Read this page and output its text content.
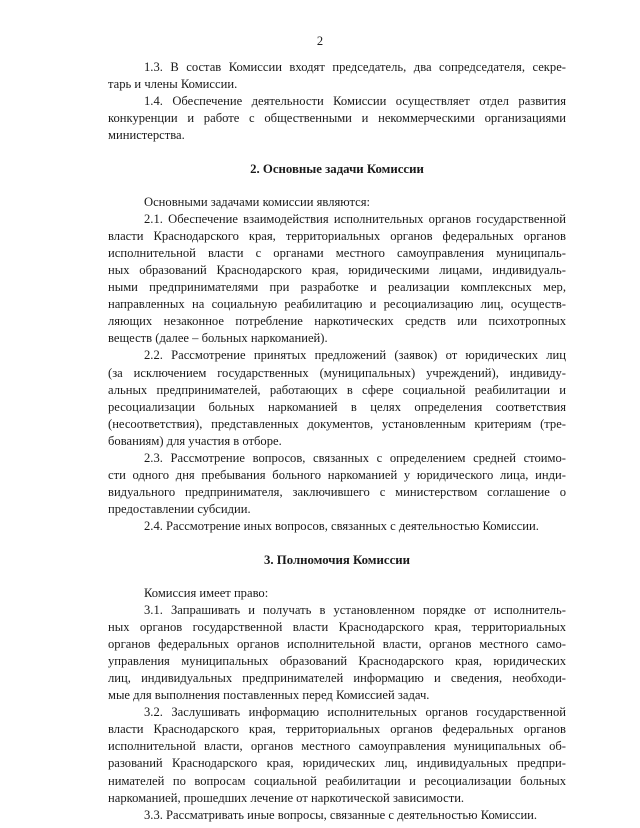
2
1.3. В состав Комиссии входят председатель, два сопредседателя, секре-
тарь и члены Комиссии.
1.4. Обеспечение деятельности Комиссии осуществляет отдел развития
конкуренции и работе с общественными и некоммерческими организациями
министерства.
2. Основные задачи Комиссии
Основными задачами комиссии являются:
2.1. Обеспечение взаимодействия исполнительных органов государственной
власти Краснодарского края, территориальных органов федеральных органов
исполнительной власти с органами местного самоуправления муниципаль-
ных образований Краснодарского края, юридическими лицами, индивидуаль-
ными предпринимателями при разработке и реализации комплексных мер,
направленных на социальную реабилитацию и ресоциализацию лиц, осуществ-
ляющих незаконное потребление наркотических средств или психотропных
веществ (далее – больных наркоманией).
2.2. Рассмотрение принятых предложений (заявок) от юридических лиц
(за исключением государственных (муниципальных) учреждений), индивиду-
альных предпринимателей, работающих в сфере социальной реабилитации и
ресоциализации больных наркоманией в целях определения соответствия
(несоответствия), представленных документов, установленным критериям (тре-
бованиям) для участия в отборе.
2.3. Рассмотрение вопросов, связанных с определением средней стоимо-
сти одного дня пребывания больного наркоманией у юридического лица, инди-
видуального предпринимателя, заключившего с министерством соглашение о
предоставлении субсидии.
2.4. Рассмотрение иных вопросов, связанных с деятельностью Комиссии.
3. Полномочия Комиссии
Комиссия имеет право:
3.1. Запрашивать и получать в установленном порядке от исполнитель-
ных органов государственной власти Краснодарского края, территориальных
органов федеральных органов исполнительной власти, органов местного само-
управления муниципальных образований Краснодарского края, юридических
лиц, индивидуальных предпринимателей информацию и сведения, необходи-
мые для выполнения поставленных перед Комиссией задач.
3.2. Заслушивать информацию исполнительных органов государственной
власти Краснодарского края, территориальных органов федеральных органов
исполнительной власти, органов местного самоуправления муниципальных об-
разований Краснодарского края, юридических лиц, индивидуальных предпри-
нимателей по вопросам социальной реабилитации и ресоциализации больных
наркоманией, прошедших лечение от наркотической зависимости.
3.3. Рассматривать иные вопросы, связанные с деятельностью Комиссии.
